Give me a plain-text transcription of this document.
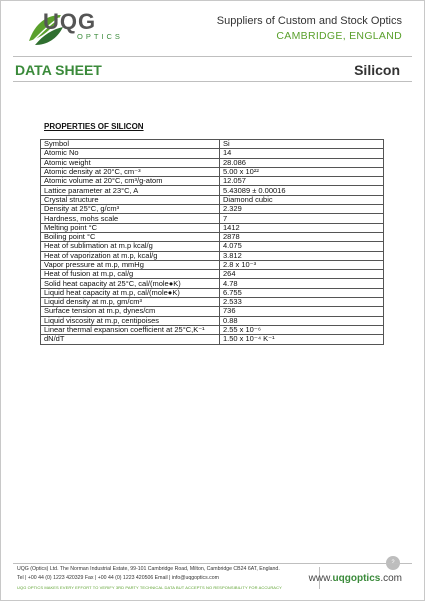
UQG
OPTICS
Suppliers of Custom and Stock Optics
CAMBRIDGE, ENGLAND
DATA SHEET	Silicon
PROPERTIES OF SILICON
Symbol	Si
Atomic No	14
Atomic weight	28.086
Atomic density at 20°C, cm⁻³	5.00 x 10²²
Atomic volume at 20°C, cm³/g-atom	12.057
Lattice parameter at 23°C, A	5.43089 ± 0.00016
Crystal structure	Diamond cubic
Density at 25°C, g/cm³	2.329
Hardness, mohs scale	7
Melting point °C	1412
Boiling point °C	2878
Heat of sublimation at m.p kcal/g	4.075
Heat of vaporization at m.p, kcal/g	3.812
Vapor pressure at m.p, mmHg	2.8 x 10⁻³
Heat of fusion at m.p, cal/g	264
Solid heat capacity at 25°C, cal/(mole●K)	4.78
Liquid heat capacity at m.p, cal/(mole●K)	6.755
Liquid density at m.p, gm/cm³	2.533
Surface tension at m.p, dynes/cm	736
Liquid viscosity at m.p, centipoises	0.88
Linear thermal expansion coefficient at 25°C,K⁻¹	2.55 x 10⁻⁶
dN/dT	1.50 x 10⁻⁴ K⁻¹
UQG (Optics) Ltd. The Norman Industrial Estate, 99-101 Cambridge Road, Milton, Cambridge CB24 6AT, England.
Tel | +00 44 (0) 1223 420329 Fax | +00 44 (0) 1223 420506 Email | info@uqgoptics.com
UQG OPTICS MAKES EVERY EFFORT TO VERIFY 3RD PARTY TECHNICAL DATA BUT ACCEPTS NO RESPONSIBILITY FOR ACCURACY
www.uqgoptics.com
